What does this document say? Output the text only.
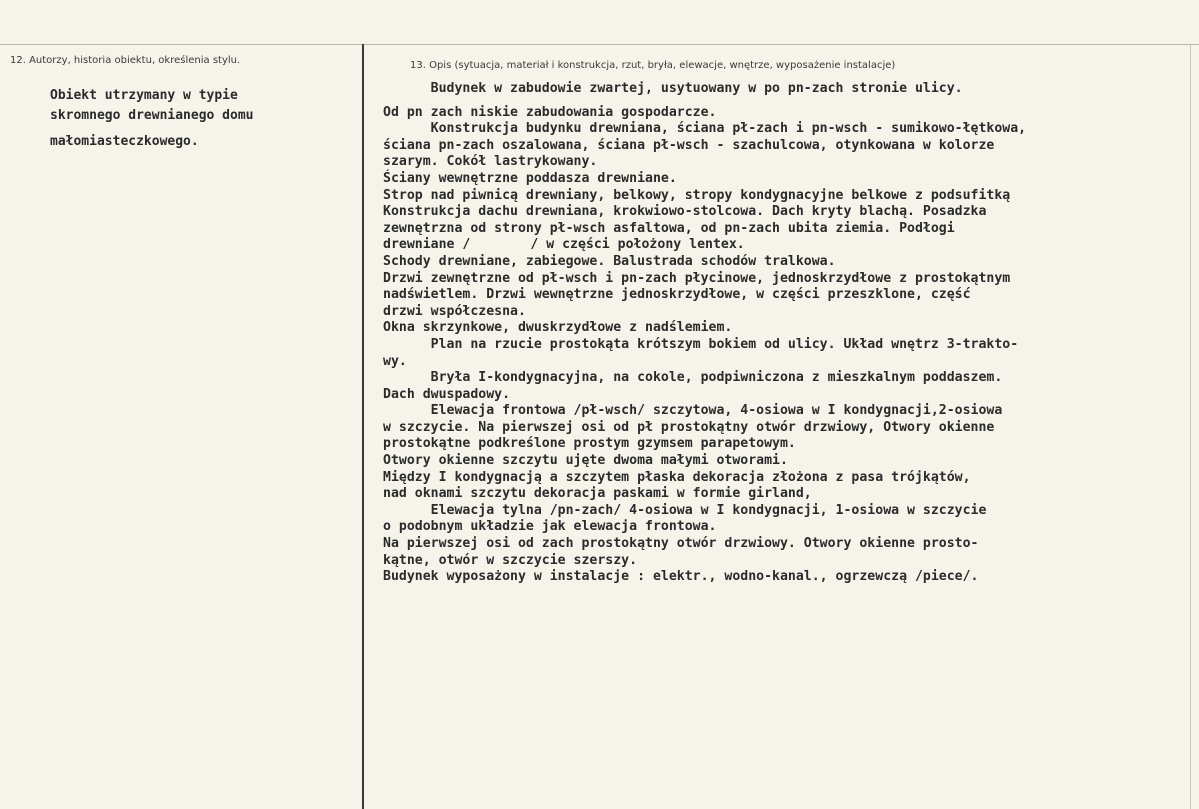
12. Autorzy, historia obiektu, określenia stylu.	13. Opis (sytuacja, materiał i konstrukcja, rzut, bryła, elewacje, wnętrze, wyposażenie instalacje)
Obiekt utrzymany w typie
skromnego drewnianego domu
małomiasteczkowego.
Budynek w zabudowie zwartej, usytuowany w po pn-zach stronie ulicy.
Od pn zach niskie zabudowania gospodarcze.
Konstrukcja budynku drewniana, ściana pł-zach i pn-wsch - sumikowo-łętkowa,
ściana pn-zach oszalowana, ściana pł-wsch - szachulcowa, otynkowana w kolorze
szarym. Cokół lastrykowany.
Ściany wewnętrzne poddasza drewniane.
Strop nad piwnicą drewniany, belkowy, stropy kondygnacyjne belkowe z podsufitką
Konstrukcja dachu drewniana, krokwiowo-stolcowa. Dach kryty blachą. Posadzka
zewnętrzna od strony pł-wsch asfaltowa, od pn-zach ubita ziemia. Podłogi
drewniane /	/ w części położony lentex.
Schody drewniane, zabiegowe. Balustrada schodów tralkowa.
Drzwi zewnętrzne od pł-wsch i pn-zach płycinowe, jednoskrzydłowe z prostokątnym
nadświetlem. Drzwi wewnętrzne jednoskrzydłowe, w części przeszklone, część
drzwi współczesna.
Okna skrzynkowe, dwuskrzydłowe z nadślemiem.
Plan na rzucie prostokąta krótszym bokiem od ulicy. Układ wnętrz 3-trakto-
wy.
Bryła I-kondygnacyjna, na cokole, podpiwniczona z mieszkalnym poddaszem.
Dach dwuspadowy.
Elewacja frontowa /pł-wsch/ szczytowa, 4-osiowa w I kondygnacji,2-osiowa
w szczycie. Na pierwszej osi od pł prostokątny otwór drzwiowy, Otwory okienne
prostokątne podkreślone prostym gzymsem parapetowym.
Otwory okienne szczytu ujęte dwoma małymi otworami.
Między I kondygnacją a szczytem płaska dekoracja złożona z pasa trójkątów,
nad oknami szczytu dekoracja paskami w formie girland,
Elewacja tylna /pn-zach/ 4-osiowa w I kondygnacji, 1-osiowa w szczycie
o podobnym układzie jak elewacja frontowa.
Na pierwszej osi od zach prostokątny otwór drzwiowy. Otwory okienne prosto-
kątne, otwór w szczycie szerszy.
Budynek wyposażony w instalacje : elektr., wodno-kanal., ogrzewczą /piece/.
